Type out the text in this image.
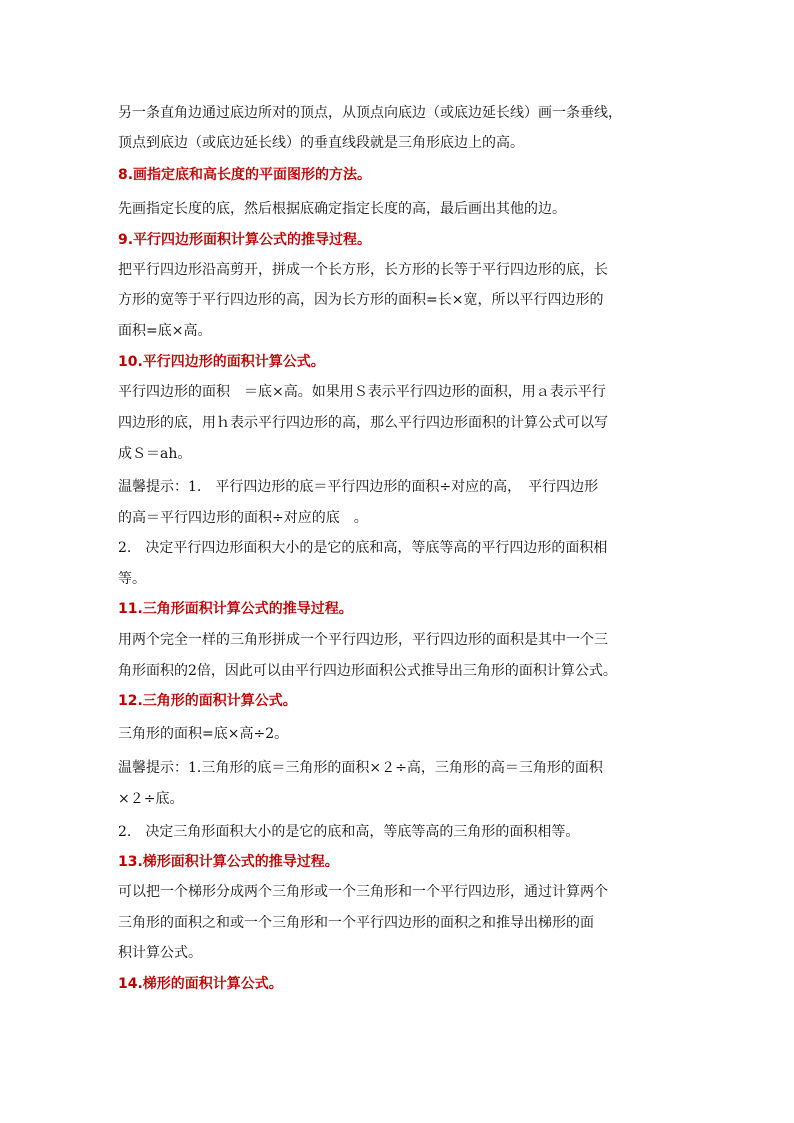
另一条直角边通过底边所对的顶点，从顶点向底边（或底边延长线）画一条垂线，
顶点到底边（或底边延长线）的垂直线段就是三角形底边上的高。
8.画指定底和高长度的平面图形的方法。
先画指定长度的底，然后根据底确定指定长度的高，最后画出其他的边。
9.平行四边形面积计算公式的推导过程。
把平行四边形沿高剪开，拼成一个长方形，长方形的长等于平行四边形的底，长
方形的宽等于平行四边形的高，因为长方形的面积=长×宽，所以平行四边形的
面积=底×高。
10.平行四边形的面积计算公式。
平行四边形的面积　＝底×高。如果用Ｓ表示平行四边形的面积，用ａ表示平行
四边形的底，用ｈ表示平行四边形的高，那么平行四边形面积的计算公式可以写
成Ｓ＝ah。
温馨提示：1.　平行四边形的底＝平行四边形的面积÷对应的高，　平行四边形
的高＝平行四边形的面积÷对应的底　。
2.　决定平行四边形面积大小的是它的底和高，等底等高的平行四边形的面积相
等。
11.三角形面积计算公式的推导过程。
用两个完全一样的三角形拼成一个平行四边形，平行四边形的面积是其中一个三
角形面积的2倍，因此可以由平行四边形面积公式推导出三角形的面积计算公式。
12.三角形的面积计算公式。
三角形的面积=底×高÷2。
温馨提示：1.三角形的底＝三角形的面积×２÷高，三角形的高＝三角形的面积
×２÷底。
2.　决定三角形面积大小的是它的底和高，等底等高的三角形的面积相等。
13.梯形面积计算公式的推导过程。
可以把一个梯形分成两个三角形或一个三角形和一个平行四边形，通过计算两个
三角形的面积之和或一个三角形和一个平行四边形的面积之和推导出梯形的面
积计算公式。
14.梯形的面积计算公式。
